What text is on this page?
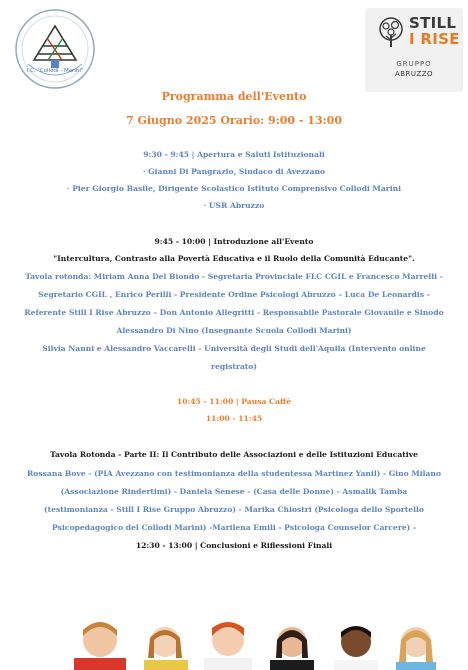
I.C. "Collodi - Marini"
STILL
I RISE
GRUPPO
ABRUZZO
Programma dell'Evento
7 Giugno 2025 Orario: 9:00 - 13:00
9:30 - 9:45 | Apertura e Saluti Istituzionali
· Gianni Di Pangrazio, Sindaco di Avezzano
· Pier Giorgio Basile, Dirigente Scolastico Istituto Comprensivo Collodi Marini
· USR Abruzzo
9:45 - 10:00 | Introduzione all'Evento
"Intercultura, Contrasto alla Povertà Educativa e il Ruolo della Comunità Educante".
Tavola rotonda: Miriam Anna Del Biondo - Segretaria Provinciale FLC CGIL e Francesco Marrelli -
Segretario CGIL , Enrico Perilli - Presidente Ordine Psicologi Abruzzo – Luca De Leonardis -
Referente Still I Rise Abruzzo – Don Antonio Allegritti - Responsabile Pastorale Giovanile e Sinodo
Alessandro Di Nino (Insegnante Scuola Collodi Marini)
Silvia Nanni e Alessandro Vaccarelli - Università degli Studi dell'Aquila (Intervento online
registrato)
10:45 - 11:00 | Pausa Caffè
11:00 - 11:45
Tavola Rotonda - Parte II: Il Contributo delle Associazioni e delle Istituzioni Educative
Rossana Bove - (PIA Avezzano con testimonianza della studentessa Martinez Yanil) - Gino Milano
(Associazione Rindertimi) - Daniela Senese - (Casa delle Donne) - Asmalik Tamba
(testimonianza - Still I Rise Gruppo Abruzzo) - Marika Chiostri (Psicologa dello Sportello
Psicopedagogico del Collodi Marini) -Marilena Emili - Psicologa Counselor Carcere) -
12:30 - 13:00 | Conclusioni e Riflessioni Finali
